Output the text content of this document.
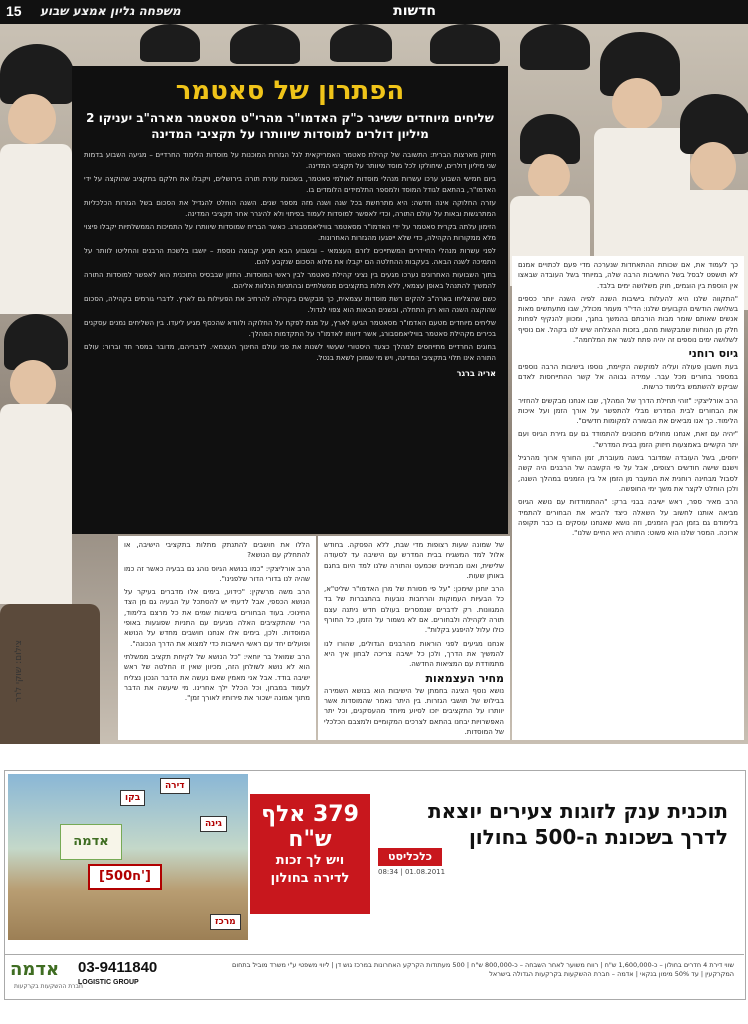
15 משפחה גליון אמצע שבוע	חדשות
צילום: שוקי לרר
הפתרון של סאטמר
שליחים מיוחדים ששיגר כ"ק האדמו"ר מהרי"ט מסאטמר מארה"ב יעניקו 2 מיליון דולרים למוסדות שיוותרו על תקציבי המדינה

חיזוק מארצות הברית: התשובה של קהילת סאטמר האמריקאית לגל הגזרות המוכנות על מוסדות הלימוד החרדיים – מגיעה השבוע בדמות שני מיליון דולרים, שיחולקו לכל מוסד שיוותר על תקציבי המדינה.

ביום חמישי השבוע ערכו עשרות מנהלי מוסדות לאולמי סאטמר, בשכונת עזרת תורה בירושלים, ויקבלו את חלקם בתקציב שהוקצה על ידי האדמו"ר, בהתאם לגודל המוסד ולמספר התלמידים הלומדים בו.

עזרה החלוקה אינה חדשה: היא מתרחשת בכל שנה ושנה מזה מספר שנים. השנה הוחלט להגדיל את הסכום בשל הגזרות הכלכליות המתרגשות ובאות על עולם התורה, וכדי לאפשר למוסדות לעמוד בפיתוי ולא להיגרר אחר תקציבי המדינה.

הזימון עלתה בקרית סאטמר על ידי האדמו"ר מסאטמר בוויליאמסבורג. כאשר הבריח שמוסדות שיוותרו על התמיכות הממשלתיות יקבלו פיצוי מלא ממקורות הקהילה, כדי שלא ייפגעו מהגזרות האחרונות.

לפני עשרות מנהלי החיידרים המשתייכים לזרם העצמאי – ובשבוע הבא תגיע קבוצה נוספת – יושבו בלשכת הרבנים והחליטו לוותר על התמיכה לשנה הבאה. בעקבות ההחלטה הם יקבלו את מלוא הסכום שנקבע להם.

בתוך השבועות האחרונים נערכו מגעים בין נציגי קהילת סאטמר לבין ראשי המוסדות. החזון שבבסיס התוכנית הוא לאפשר למוסדות התורה להמשיך להתנהל באופן עצמאי, ללא תלות בתקציבים ממשלתיים ובהתניות הנלוות אליהם.

כשם שהצליחו בארה"ב להקים רשת מוסדות עצמאית, כך מבקשים בקהילה להרחיב את הפעילות גם לארץ. לדברי גורמים בקהילה, הסכום שהוקצה השנה הוא רק התחלה, ובשנים הבאות הוא צפוי לגדול.

שליחים מיוחדים מטעם האדמו"ר מסאטמר הגיעו לארץ, על מנת לפקח על החלוקה ולוודא שהכסף מגיע ליעדו. בין השליחים נמנים עסקנים בכירים מקהילת סאטמר בוויליאמסבורג, אשר דיווחו לאדמו"ר על התקדמות המהלך.

בחוגים החרדיים מתייחסים למהלך כצעד היסטורי שעשוי לשנות את פני עולם החינוך העצמאי. לדבריהם, מדובר במסר חד וברור: עולם התורה אינו תלוי בתקציבי המדינה, ויש מי שמוכן לשאת בנטל.

אריה ברגר

כך לעמוד את, אם שכותת ההתאחדות שנערכה מדי פעם לכתויים אמנם לא תושפט לבסל בשל החשיבות הרבה שלה, במיוחד בשל העובדה שבאצו אין הוספת בין הוגמים, חוק משלושה ימים בלבד.

"התקווה שלנו היא להעלות בישיבות השנה לפיה השנה יותר כספים בשלושה הודשים הקבועים שלנו: הדי"ר מעמר מכולל, שבו מתעתשים מאות אנשים שאותם שומר מבות הורבתם בהמשך בחגך, ומכוון להנקיף לפחות חלק מן הנוחות שמבקשות מהם, בזכות ההצלחה שיש לנו בקהל. אם נוסיף לשלושה ימים נוספים זה יהיה פתח לגשר את המלחמה".

גיוס רוחני

בעת חשבון פעולה ועליה למוקשה הקיימת, נוספו בישיבות הרבה נוספים במספר בחורים מכל עבר. עמידה גבוהה אל קשר ההתייחסות לאדם שביקש להשתמש בלימוד כרשות.

הרב אורליצקי: "זוהי תחילת הדרך של המהלך, שבו אנחנו מבקשים להחזיר את הבחורים לבית המדרש מבלי להתפשר על אורך הזמן ועל איכות הלימוד. כך אנו מביאים את הבשורה למקומות חדשים".

"יהיה עם זאת, אנחנו מחולים מתכונים להתמודד גם עם גזירת הגיוס ועם יתר הקשיים באמצעות חיזוק הזמן בבית המדרש".

יחסים, בשל העובדה שמדובר בשנה מעוברת, זמן החורף ארוך מהרגיל וישנם שישה חודשים רצופים, אבל על פי הקשבה של הרבנים היה קשה לסבול מבחינה רוחנית את המעבר מן הזמן אל בין הזמנים במהלך השנה, ולכן הוחלט לקצר את משך ימי החופשה.

הרב מאיר ספר, ראש ישיבה בבני ברק: "ההתמודדות עם נושא הגיוס מביאה אותנו לחשוב על השאלה כיצד להביא את הבחורים להתמיד בלימודם גם בזמן הבין הזמנים, וזה נושא שאנחנו עוסקים בו כבר תקופה ארוכה. המסר שלנו הוא פשוט: התורה היא החיים שלנו".

של שמונה שעות רצופות מדי שבת, ללא הפסקה. בחודש אלול למד המשגיח בבית המדרש עם הישיבה עד לסעודה שלישית, ואנו מבחינים שכמעט והתורה שלנו למד היום בחגם באותן שעות.

הרב יוחנן שימכן: "על פי מסורת של מרן האדמו"ר שליט"א, כל הבעיות העמוקות והרחבות נובעות בהתגברות של בד המגוונות. רק לדברים שנמסרים בעולם חדש ניתנה עצם תורה לקהילה ולבחורים. אם לא נשמור על הזמן, כל החורף כולו עלול להיפגע בקלות".

אנחנו מגיעים לפני הוראות מהרבנים הגדולים, שהורו לנו להמשיך את הדרך, ולכן כל ישיבה צריכה לבחון איך היא מתמודדת עם המציאות החדשה.

מחיר העצמאות

נושא נוסף הציגה בחמתן של הישיבות הוא בנושא השמירה בבילוש של תושבי הגזרות. בין היתר נאמר שהמוסדות אשר יוותרו על התקציבים יזכו לסיוע מיוחד מהעסקנים, וכל יתר האפשרויות יבחנו בהתאם לצרכים המקומיים ולמצבם הכלכלי של המוסדות.

הללו את חושבים להתנתק מתלות בתקציבי הישיבה, או להתחלק עם הנושא?

הרב אורליצקי: "כמו בנושא הגיוס נוהג גם בבעיה כאשר זה כמו שהיה לנו בדורי הדור שלפנינו".

הרב משה מרשקין: "כידוע, בימים אלו מדברים בעיקר על הנושא הכספי, אבל לדעתי יש להסתכל על הבעיה גם מן הצד החינוכי. בעוד הבחורים בישיבות שמים את כל מרצם בלימוד, הרי שהתקציבים האלה מגיעים עם התניות שפוגעות באופי המוסדות. ולכן, בימים אלו אנחנו חושבים מחדש על הנושא ופועלים יחד עם ראשי הישיבות כדי למצוא את הדרך הנכונה".

הרב שמואל בר יוחאי: "כל הנושא של לקיחת תקציב ממשלתי הוא לא נושא לשולחן הזה, מכיוון שאין זו החלטה של ראש ישיבה בודד. אבל אני מאמין שאם נעשה את הדבר הנכון נצליח לעמוד במבחן, וכל הכלל ילך אחרינו. מי שיעשה את הדבר מתוך אמונה ישכור את פירותיו לאורך זמן".

בקו
דירה
גינה
מרכז
אדמה
[500ח']
379 אלף ש"ח
ויש לך זכות
לדירה בחולון
תוכנית ענק לזוגות צעירים יוצאת
לדרך בשכונת ה-500 בחולון
כלכליסט
08:34 | 01.08.2011
אדמה
חברת ההשקעות בקרקעות
03-9411840
LOGISTIC GROUP
שווי דירת 4 חדרים בחולון – כ-1,600,000 ש"ח | רווח משוער לאחר השבחה – כ-800,000 ש"ח | 500 מעתודות הקרקע האחרונות במרכז גוש דן | ליווי משפטי ע"י משרד מוביל בתחום המקרקעין | עד 50% מימון בנקאי | אדמה – חברת ההשקעות בקרקעות הגדולה בישראל
